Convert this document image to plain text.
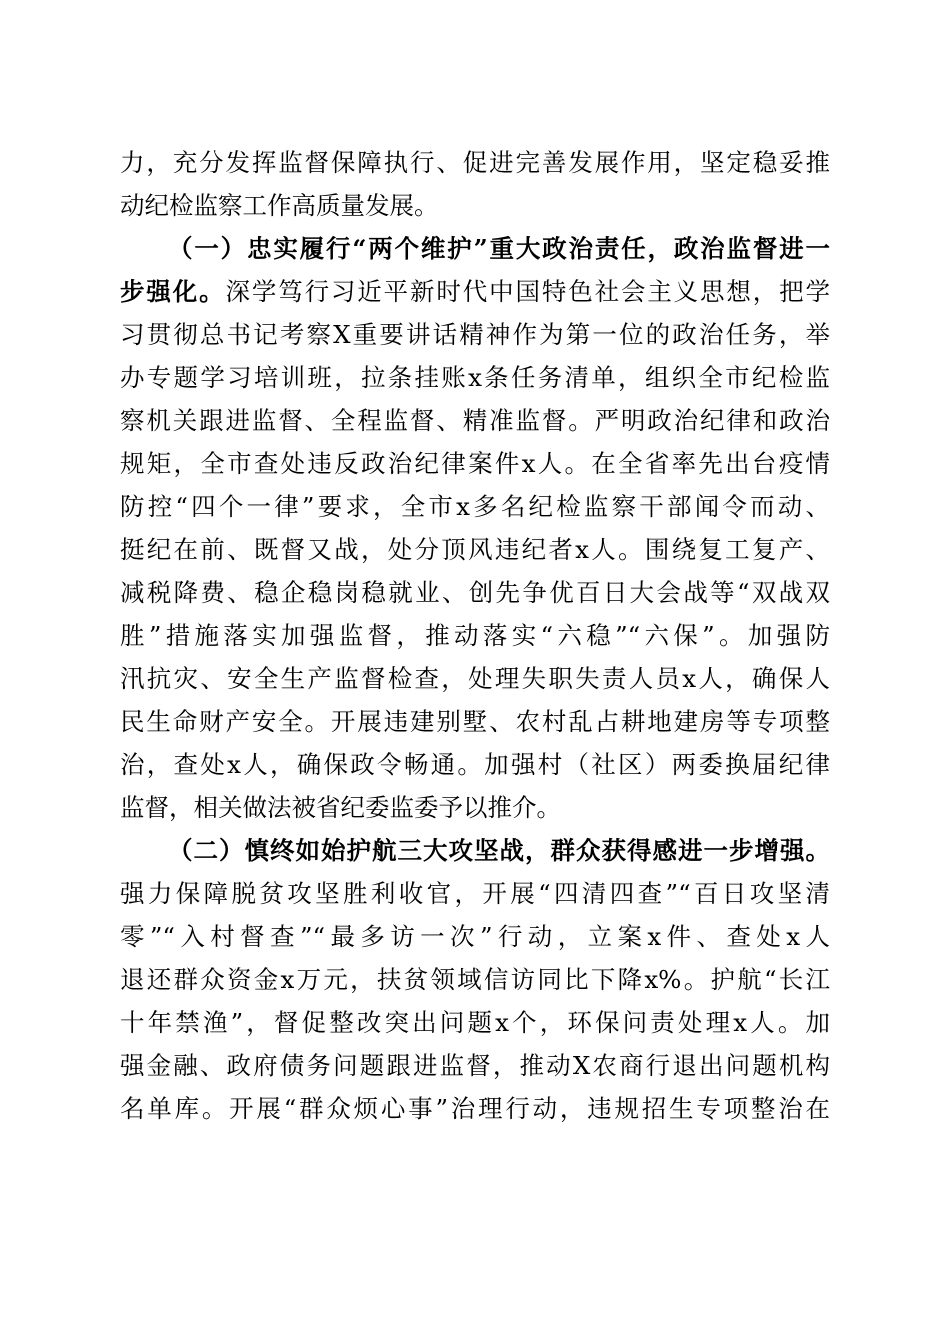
力，充分发挥监督保障执行、促进完善发展作用，坚定稳妥推
动纪检监察工作高质量发展。
（一）忠实履行“两个维护”重大政治责任，政治监督进一
步强化。深学笃行习近平新时代中国特色社会主义思想，把学
习贯彻总书记考察X重要讲话精神作为第一位的政治任务，举
办专题学习培训班，拉条挂账x条任务清单，组织全市纪检监
察机关跟进监督、全程监督、精准监督。严明政治纪律和政治
规矩，全市查处违反政治纪律案件x人。在全省率先出台疫情
防控“四个一律”要求，全市x多名纪检监察干部闻令而动、
挺纪在前、既督又战，处分顶风违纪者x人。围绕复工复产、
减税降费、稳企稳岗稳就业、创先争优百日大会战等“双战双
胜”措施落实加强监督，推动落实“六稳”“六保”。加强防
汛抗灾、安全生产监督检查，处理失职失责人员x人，确保人
民生命财产安全。开展违建别墅、农村乱占耕地建房等专项整
治，查处x人，确保政令畅通。加强村（社区）两委换届纪律
监督，相关做法被省纪委监委予以推介。
（二）慎终如始护航三大攻坚战，群众获得感进一步增强。
强力保障脱贫攻坚胜利收官，开展“四清四查”“百日攻坚清
零”“入村督查”“最多访一次”行动，立案x件、查处x人
退还群众资金x万元，扶贫领域信访同比下降x%。护航“长江
十年禁渔”，督促整改突出问题x个，环保问责处理x人。加
强金融、政府债务问题跟进监督，推动X农商行退出问题机构
名单库。开展“群众烦心事”治理行动，违规招生专项整治在
